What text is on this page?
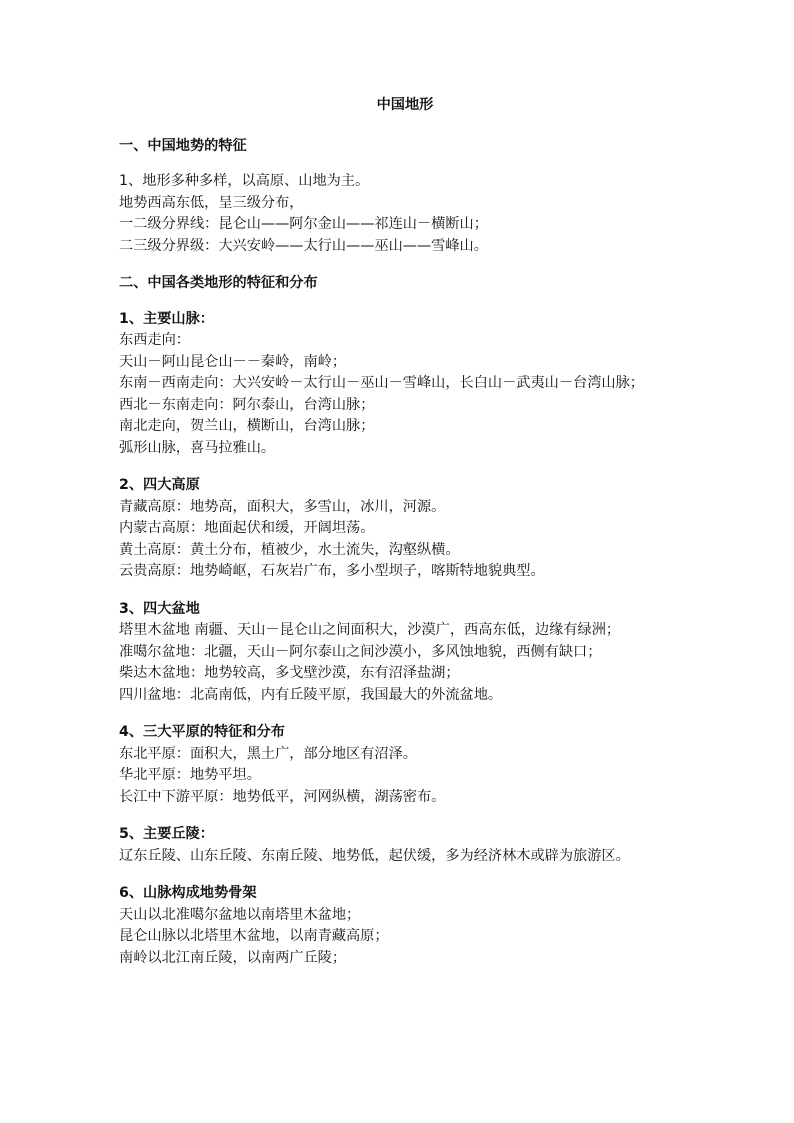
中国地形
一、中国地势的特征
1、地形多种多样，以高原、山地为主。
地势西高东低，呈三级分布，
一二级分界线：昆仑山——阿尔金山——祁连山－横断山；
二三级分界级：大兴安岭——太行山——巫山——雪峰山。
二、中国各类地形的特征和分布
1、主要山脉：
东西走向：
天山－阿山昆仑山－－秦岭，南岭；
东南－西南走向：大兴安岭－太行山－巫山－雪峰山，长白山－武夷山－台湾山脉；
西北－东南走向：阿尔泰山，台湾山脉；
南北走向，贺兰山，横断山，台湾山脉；
弧形山脉，喜马拉雅山。
2、四大高原
青藏高原：地势高，面积大，多雪山，冰川，河源。
内蒙古高原：地面起伏和缓，开阔坦荡。
黄土高原：黄土分布，植被少，水土流失，沟壑纵横。
云贵高原：地势崎岖，石灰岩广布，多小型坝子，喀斯特地貌典型。
3、四大盆地
塔里木盆地 南疆、天山－昆仑山之间面积大，沙漠广，西高东低，边缘有绿洲；
准噶尔盆地：北疆，天山－阿尔泰山之间沙漠小，多风蚀地貌，西侧有缺口；
柴达木盆地：地势较高，多戈壁沙漠，东有沼泽盐湖；
四川盆地：北高南低，内有丘陵平原，我国最大的外流盆地。
4、三大平原的特征和分布
东北平原：面积大，黑土广，部分地区有沼泽。
华北平原：地势平坦。
长江中下游平原：地势低平，河网纵横，湖荡密布。
5、主要丘陵：
辽东丘陵、山东丘陵、东南丘陵、地势低，起伏缓，多为经济林木或辟为旅游区。
6、山脉构成地势骨架
天山以北准噶尔盆地以南塔里木盆地；
昆仑山脉以北塔里木盆地，以南青藏高原；
南岭以北江南丘陵，以南两广丘陵；
